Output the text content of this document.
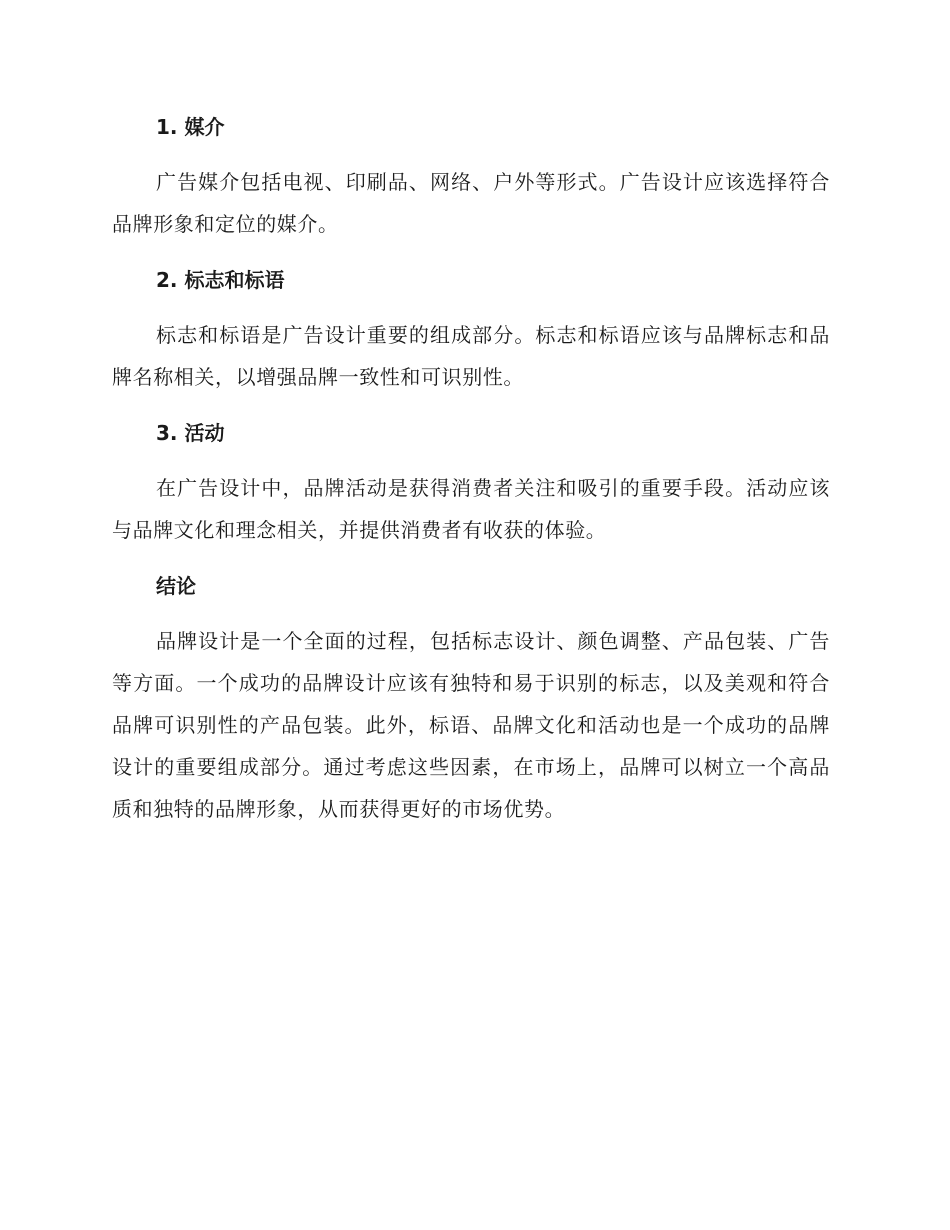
1. 媒介

广告媒介包括电视、印刷品、网络、户外等形式。广告设计应该选择符合品牌形象和定位的媒介。

2. 标志和标语

标志和标语是广告设计重要的组成部分。标志和标语应该与品牌标志和品牌名称相关，以增强品牌一致性和可识别性。

3. 活动

在广告设计中，品牌活动是获得消费者关注和吸引的重要手段。活动应该与品牌文化和理念相关，并提供消费者有收获的体验。

结论

品牌设计是一个全面的过程，包括标志设计、颜色调整、产品包装、广告等方面。一个成功的品牌设计应该有独特和易于识别的标志，以及美观和符合品牌可识别性的产品包装。此外，标语、品牌文化和活动也是一个成功的品牌设计的重要组成部分。通过考虑这些因素，在市场上，品牌可以树立一个高品质和独特的品牌形象，从而获得更好的市场优势。
